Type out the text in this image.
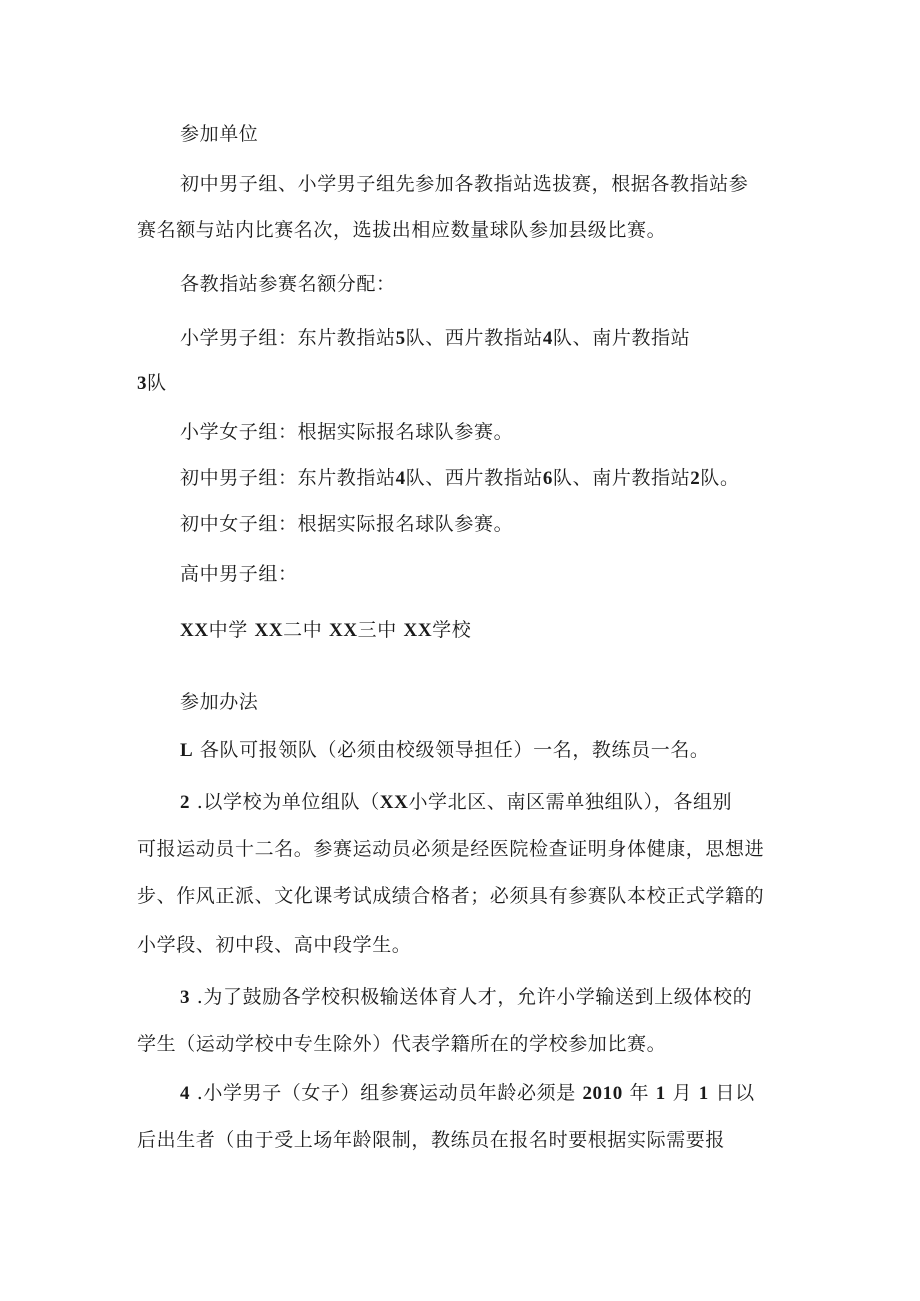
参加单位
初中男子组、小学男子组先参加各教指站选拔赛，根据各教指站参
赛名额与站内比赛名次，选拔出相应数量球队参加县级比赛。
各教指站参赛名额分配：
小学男子组：东片教指站5队、西片教指站4队、南片教指站
3队
小学女子组：根据实际报名球队参赛。
初中男子组：东片教指站4队、西片教指站6队、南片教指站2队。
初中女子组：根据实际报名球队参赛。
高中男子组：
XX中学 XX二中 XX三中 XX学校
参加办法
L 各队可报领队（必须由校级领导担任）一名，教练员一名。
2 .以学校为单位组队（XX小学北区、南区需单独组队），各组别
可报运动员十二名。参赛运动员必须是经医院检查证明身体健康，思想进
步、作风正派、文化课考试成绩合格者；必须具有参赛队本校正式学籍的
小学段、初中段、高中段学生。
3 .为了鼓励各学校积极输送体育人才，允许小学输送到上级体校的
学生（运动学校中专生除外）代表学籍所在的学校参加比赛。
4 .小学男子（女子）组参赛运动员年龄必须是 2010 年 1 月 1 日以
后出生者（由于受上场年龄限制，教练员在报名时要根据实际需要报
